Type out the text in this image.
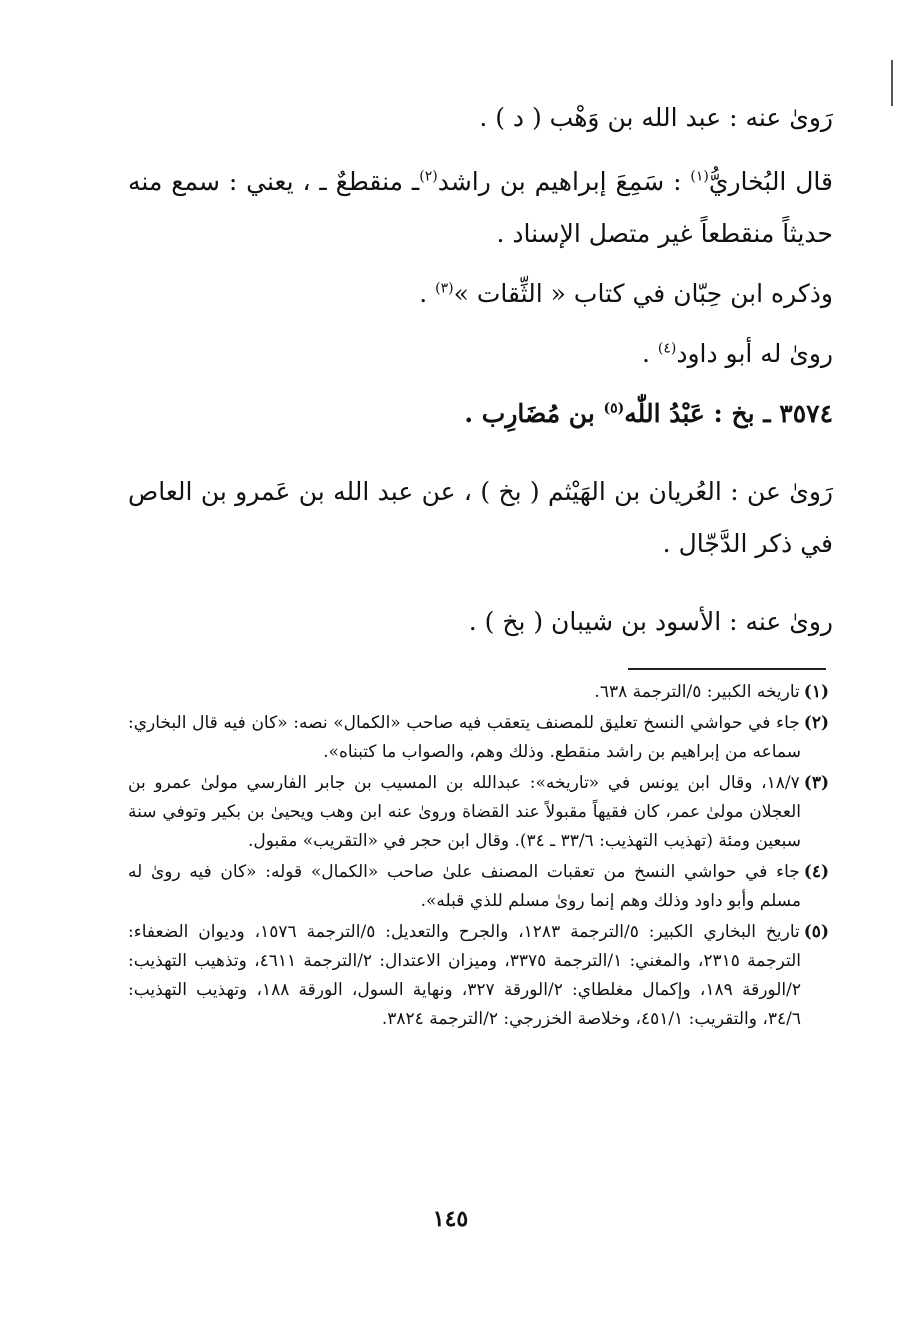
رَوىٰ عنه : عبد الله بن وَهْب ( د ) .

قال البُخاريُّ$^{(١)}$ : سَمِعَ إبراهيم بن راشد$^{(٢)}$ـ منقطعٌ ـ ، يعني : سمع منه حديثاً منقطعاً غير متصل الإسناد .

وذكره ابن حِبّان في كتاب « الثِّقات »$^{(٣)}$ .

روىٰ له أبو داود$^{(٤)}$ .

٣٥٧٤ ـ بخ : عَبْدُ اللّٰه$^{(٥)}$ بن مُضَارِب .

رَوىٰ عن : العُريان بن الهَيْثم ( بخ ) ، عن عبد الله بن عَمرو بن العاص في ذكر الدَّجّال .

روىٰ عنه : الأسود بن شيبان ( بخ ) .

(١)تاريخه الكبير: ٥/الترجمة ٦٣٨.

(٢)جاء في حواشي النسخ تعليق للمصنف يتعقب فيه صاحب «الكمال» نصه: «كان فيه قال البخاري: سماعه من إبراهيم بن راشد منقطع. وذلك وهم، والصواب ما كتبناه».

(٣)١٨/٧، وقال ابن يونس في «تاريخه»: عبدالله بن المسيب بن جابر الفارسي مولىٰ عمرو بن العجلان مولىٰ عمر، كان فقيهاً مقبولاً عند القضاة وروىٰ عنه ابن وهب ويحيىٰ بن بكير وتوفي سنة سبعين ومئة (تهذيب التهذيب: ٣٣/٦ ـ ٣٤). وقال ابن حجر في «التقريب» مقبول.

(٤)جاء في حواشي النسخ من تعقبات المصنف علىٰ صاحب «الكمال» قوله: «كان فيه روىٰ له مسلم وأبو داود وذلك وهم إنما روىٰ مسلم للذي قبله».

(٥)تاريخ البخاري الكبير: ٥/الترجمة ١٢٨٣، والجرح والتعديل: ٥/الترجمة ١٥٧٦، وديوان الضعفاء: الترجمة ٢٣١٥، والمغني: ١/الترجمة ٣٣٧٥، وميزان الاعتدال: ٢/الترجمة ٤٦١١، وتذهيب التهذيب: ٢/الورقة ١٨٩، وإكمال مغلطاي: ٢/الورقة ٣٢٧، ونهاية السول، الورقة ١٨٨، وتهذيب التهذيب: ٣٤/٦، والتقريب: ٤٥١/١، وخلاصة الخزرجي: ٢/الترجمة ٣٨٢٤.

١٤٥
